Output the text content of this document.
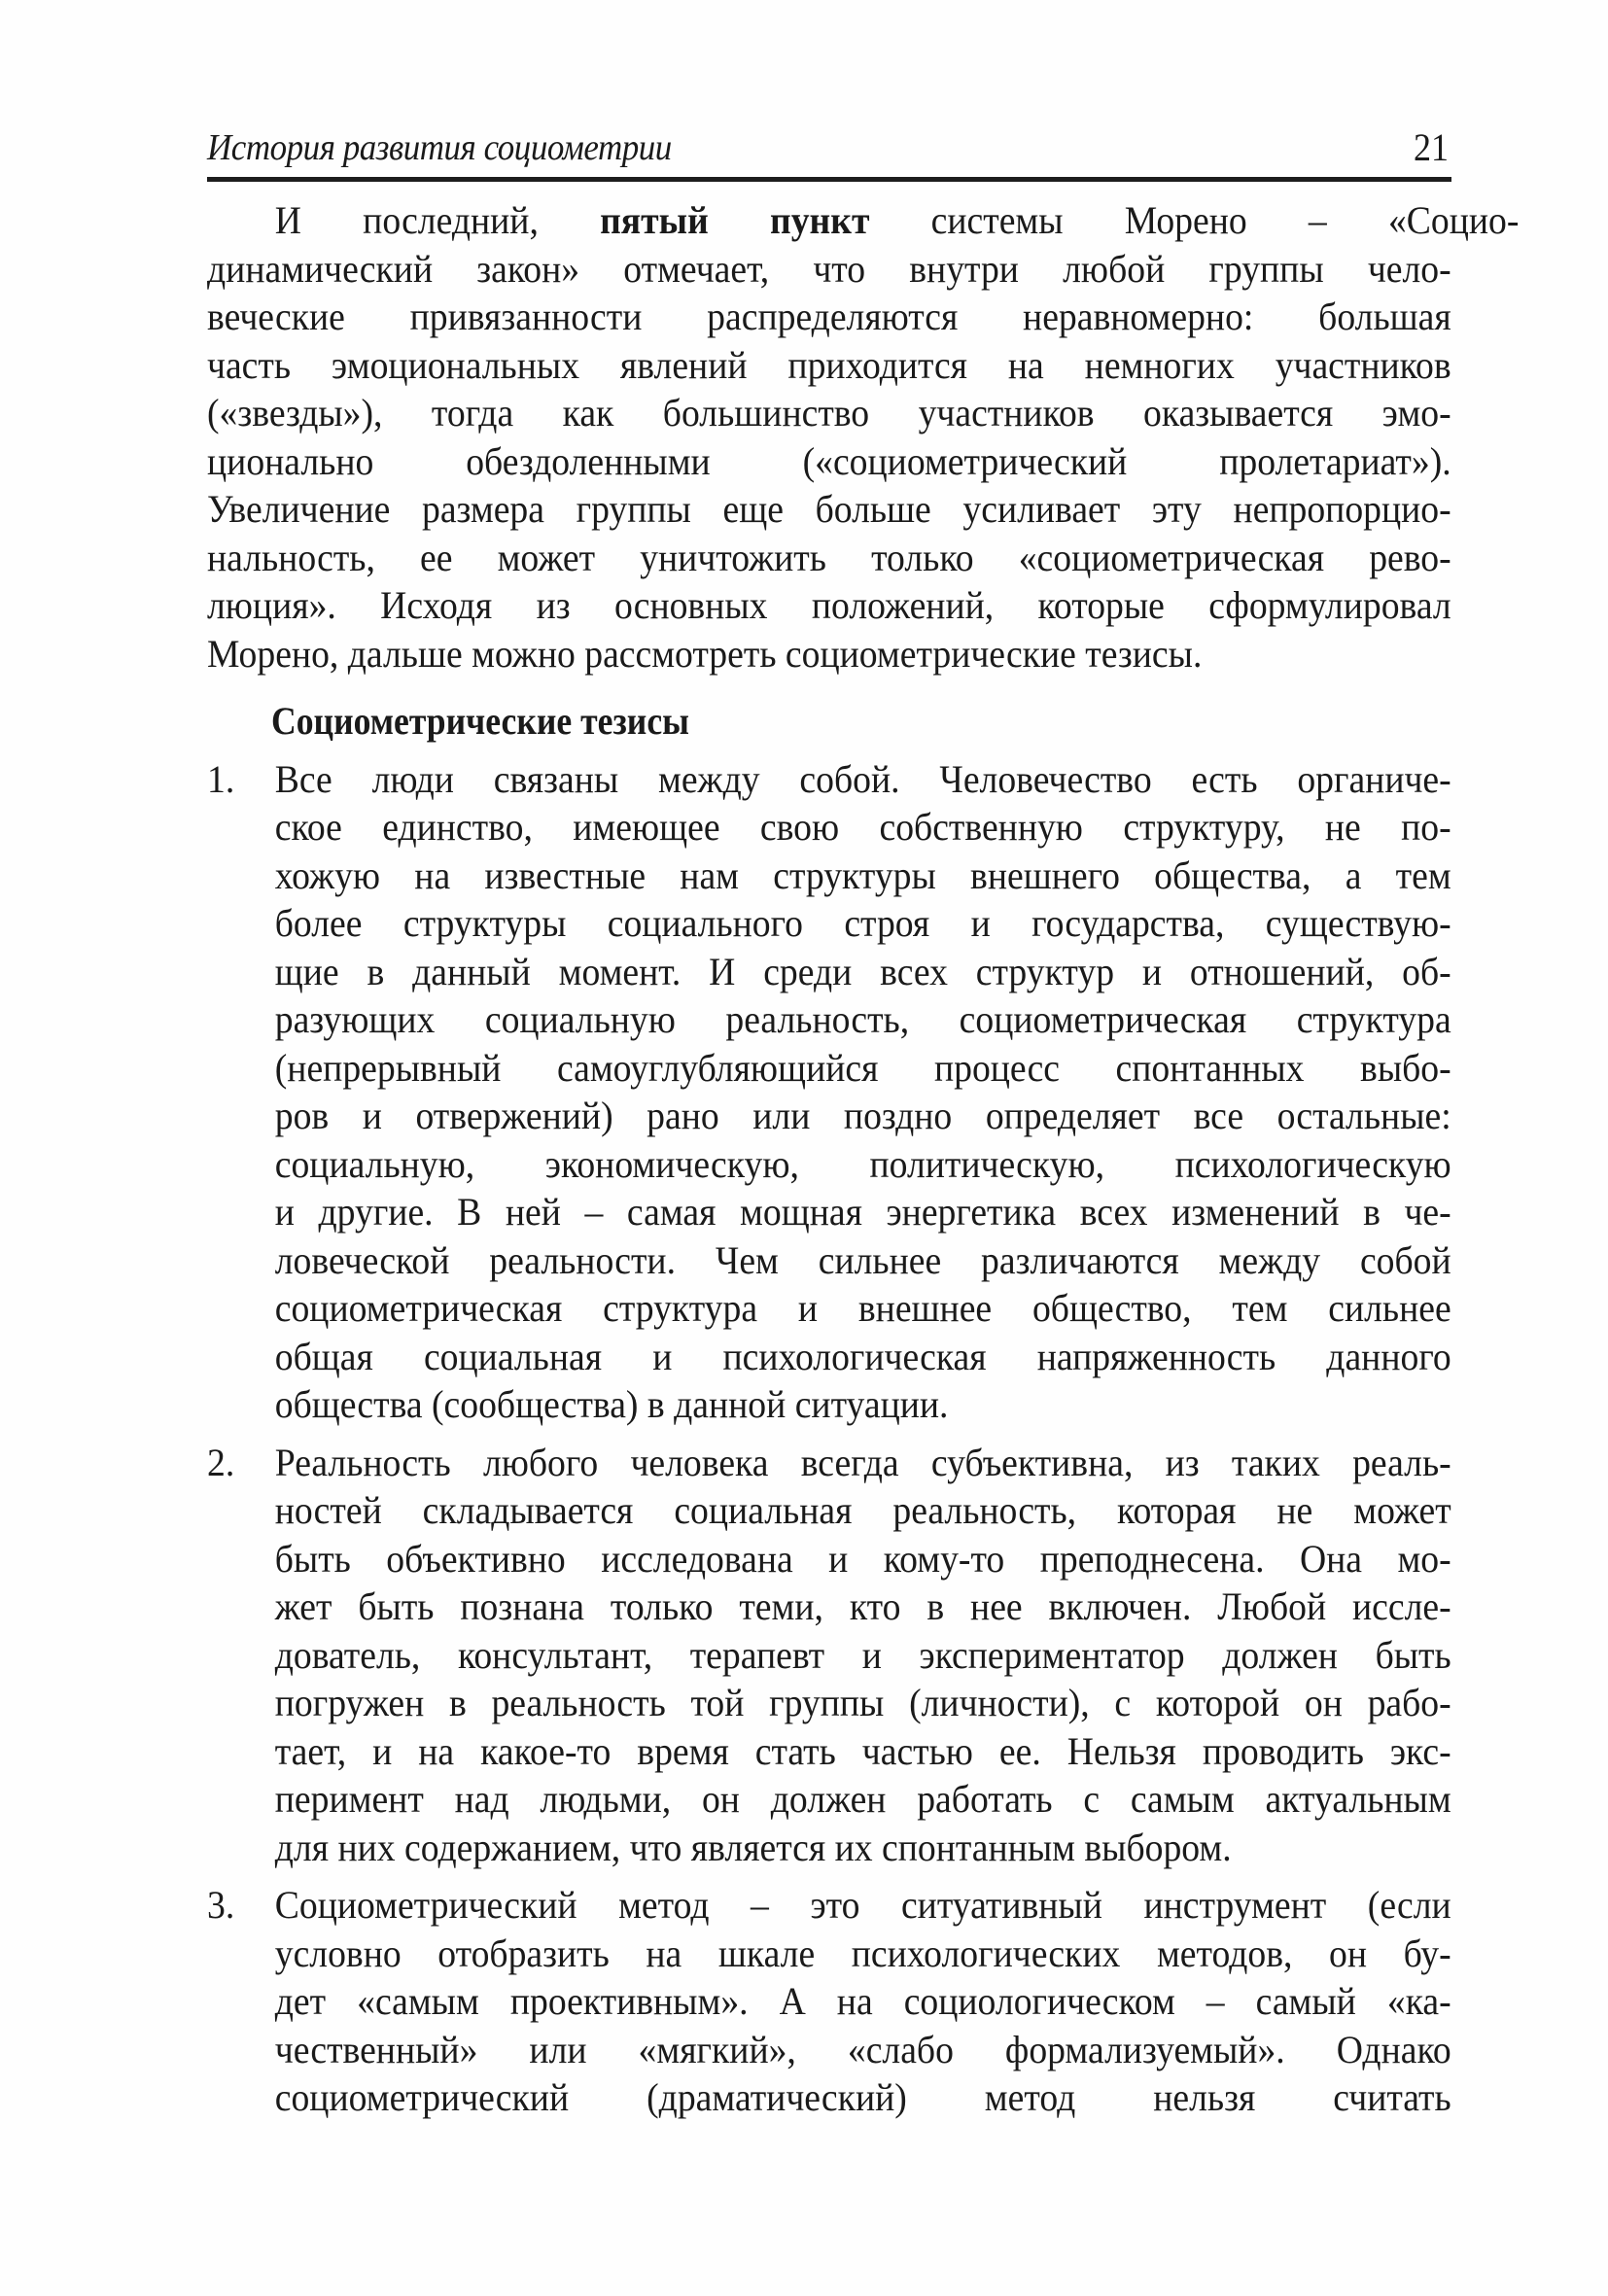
История развития социометрии	21
И последний, пятый пункт системы Морено – «Социо-
динамический закон» отмечает, что внутри любой группы чело-
веческие привязанности распределяются неравномерно: большая
часть эмоциональных явлений приходится на немногих участников
(«звезды»), тогда как большинство участников оказывается эмо-
ционально обездоленными («социометрический пролетариат»).
Увеличение размера группы еще больше усиливает эту непропорцио-
нальность, ее может уничтожить только «социометрическая рево-
люция». Исходя из основных положений, которые сформулировал
Морено, дальше можно рассмотреть социометрические тезисы.
Социометрические тезисы
1.	Все люди связаны между собой. Человечество есть органиче-
ское единство, имеющее свою собственную структуру, не по-
хожую на известные нам структуры внешнего общества, а тем
более структуры социального строя и государства, существую-
щие в данный момент. И среди всех структур и отношений, об-
разующих социальную реальность, социометрическая структура
(непрерывный самоуглубляющийся процесс спонтанных выбо-
ров и отвержений) рано или поздно определяет все остальные:
социальную, экономическую, политическую, психологическую
и другие. В ней – самая мощная энергетика всех изменений в че-
ловеческой реальности. Чем сильнее различаются между собой
социометрическая структура и внешнее общество, тем сильнее
общая социальная и психологическая напряженность данного
общества (сообщества) в данной ситуации.
2.	Реальность любого человека всегда субъективна, из таких реаль-
ностей складывается социальная реальность, которая не может
быть объективно исследована и кому-то преподнесена. Она мо-
жет быть познана только теми, кто в нее включен. Любой иссле-
дователь, консультант, терапевт и экспериментатор должен быть
погружен в реальность той группы (личности), с которой он рабо-
тает, и на какое-то время стать частью ее. Нельзя проводить экс-
перимент над людьми, он должен работать с самым актуальным
для них содержанием, что является их спонтанным выбором.
3.	Социометрический метод – это ситуативный инструмент (если
условно отобразить на шкале психологических методов, он бу-
дет «самым проективным». А на социологическом – самый «ка-
чественный» или «мягкий», «слабо формализуемый». Однако
социометрический (драматический) метод нельзя считать
